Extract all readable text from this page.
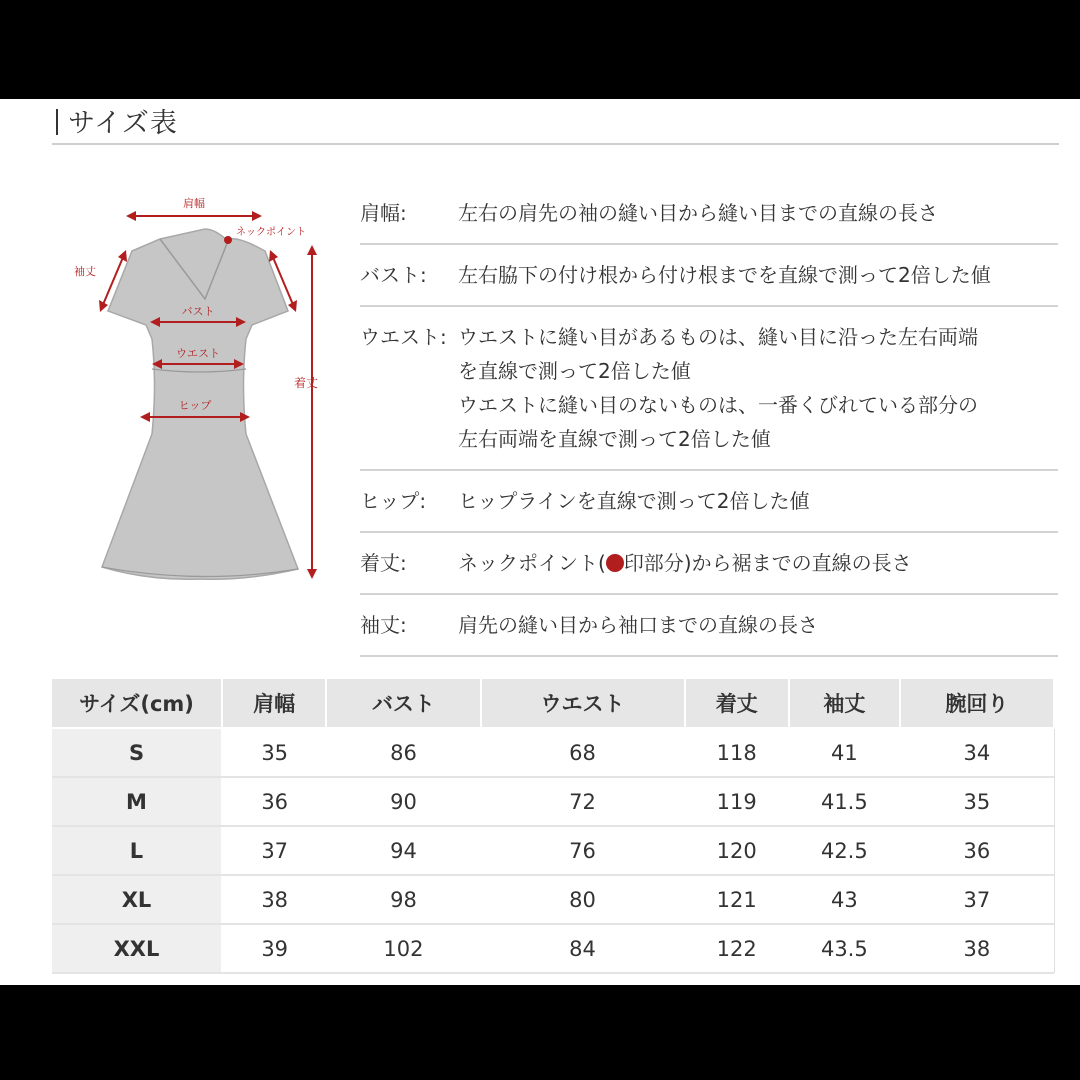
サイズ表
肩幅
ネックポイント
袖丈
バスト
ウエスト
ヒップ
着丈
肩幅:	左右の肩先の袖の縫い目から縫い目までの直線の長さ
バスト:	左右脇下の付け根から付け根までを直線で測って2倍した値
ウエスト: ウエストに縫い目があるものは、縫い目に沿った左右両端
を直線で測って2倍した値
ウエストに縫い目のないものは、一番くびれている部分の
左右両端を直線で測って2倍した値
ヒップ:	ヒップラインを直線で測って2倍した値
着丈:	ネックポイント( 印部分)から裾までの直線の長さ
袖丈:	肩先の縫い目から袖口までの直線の長さ
サイズ(cm)	肩幅	バスト	ウエスト	着丈	袖丈	腕回り
S	35	86	68	118	41	34
M	36	90	72	119	41.5	35
L	37	94	76	120	42.5	36
XL	38	98	80	121	43	37
XXL	39	102	84	122	43.5	38
